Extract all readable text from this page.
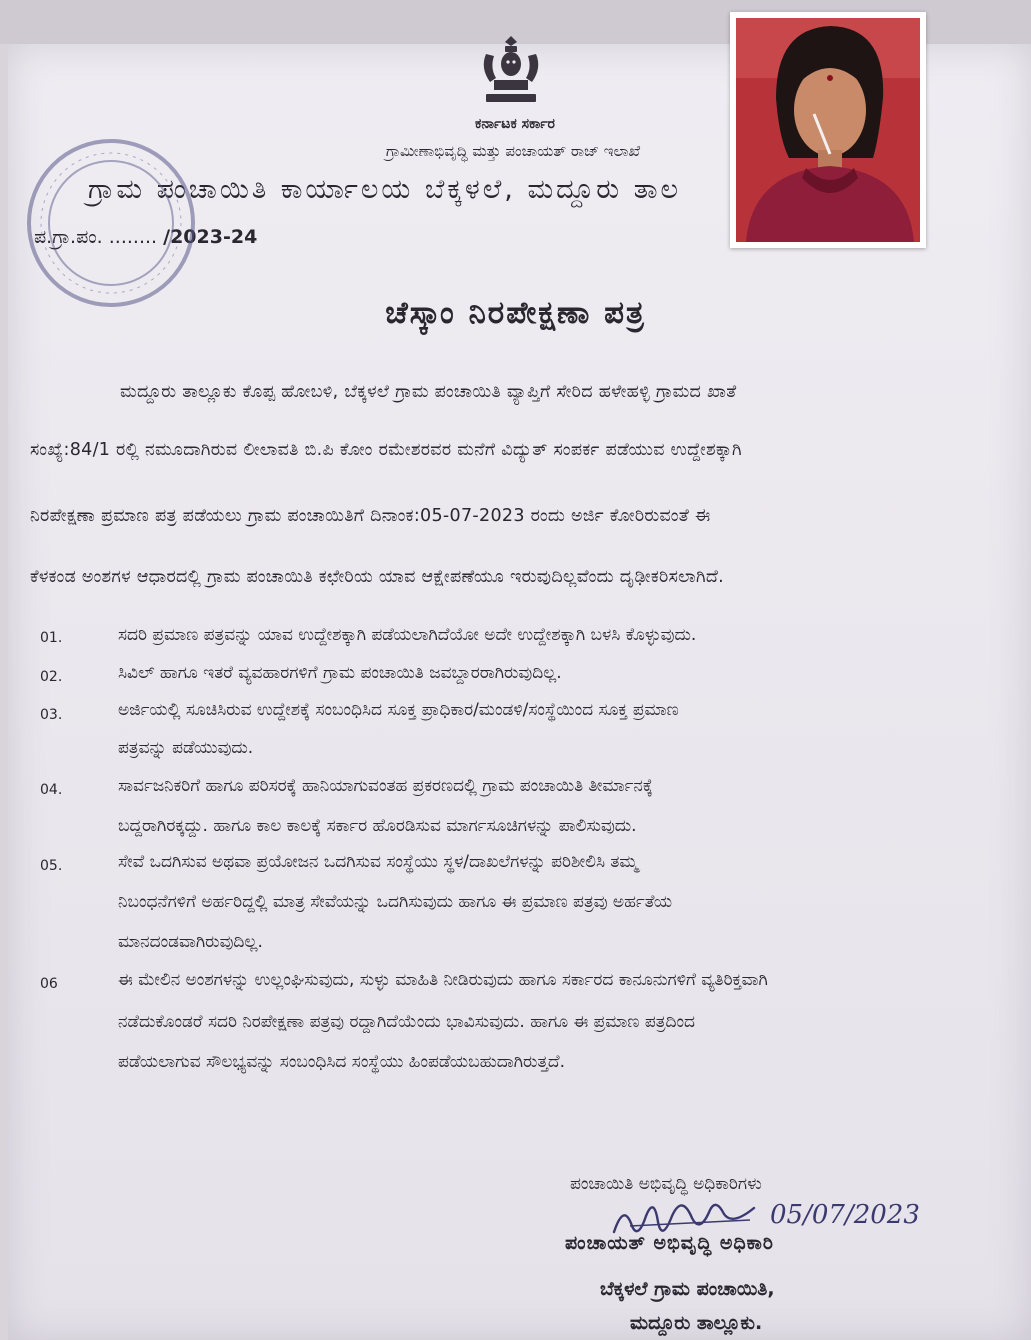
ಕರ್ನಾಟಕ ಸರ್ಕಾರ
ಗ್ರಾಮೀಣಾಭಿವೃದ್ಧಿ ಮತ್ತು ಪಂಚಾಯತ್ ರಾಜ್ ಇಲಾಖೆ
ಗ್ರಾಮ ಪಂಚಾಯಿತಿ ಕಾರ್ಯಾಲಯ ಬೆಕ್ಕಳಲೆ, ಮದ್ದೂರು ತಾಲ
ಪ.ಗ್ರಾ.ಪಂ. ........ /2023-24
ಚೆಸ್ಕಾಂ ನಿರಪೇಕ್ಷಣಾ ಪತ್ರ
ಮದ್ದೂರು ತಾಲ್ಲೂಕು ಕೊಪ್ಪ ಹೋಬಳಿ, ಬೆಕ್ಕಳಲೆ ಗ್ರಾಮ ಪಂಚಾಯಿತಿ ವ್ಯಾಪ್ತಿಗೆ ಸೇರಿದ ಹಳೇಹಳ್ಳಿ ಗ್ರಾಮದ ಖಾತೆ
ಸಂಖ್ಯೆ:84/1 ರಲ್ಲಿ ನಮೂದಾಗಿರುವ ಲೀಲಾವತಿ ಬಿ.ಪಿ ಕೋಂ ರಮೇಶರವರ ಮನೆಗೆ ವಿದ್ಯುತ್ ಸಂಪರ್ಕ ಪಡೆಯುವ ಉದ್ದೇಶಕ್ಕಾಗಿ
ನಿರಪೇಕ್ಷಣಾ ಪ್ರಮಾಣ ಪತ್ರ ಪಡೆಯಲು ಗ್ರಾಮ ಪಂಚಾಯಿತಿಗೆ ದಿನಾಂಕ:05-07-2023 ರಂದು ಅರ್ಜಿ ಕೋರಿರುವಂತೆ ಈ
ಕೆಳಕಂಡ ಅಂಶಗಳ ಆಧಾರದಲ್ಲಿ ಗ್ರಾಮ ಪಂಚಾಯಿತಿ ಕಛೇರಿಯ ಯಾವ ಆಕ್ಷೇಪಣೆಯೂ ಇರುವುದಿಲ್ಲವೆಂದು ದೃಢೀಕರಿಸಲಾಗಿದೆ.
01.	ಸದರಿ ಪ್ರಮಾಣ ಪತ್ರವನ್ನು ಯಾವ ಉದ್ದೇಶಕ್ಕಾಗಿ ಪಡೆಯಲಾಗಿದೆಯೋ ಅದೇ ಉದ್ದೇಶಕ್ಕಾಗಿ ಬಳಸಿ ಕೊಳ್ಳುವುದು.
02.	ಸಿವಿಲ್ ಹಾಗೂ ಇತರೆ ವ್ಯವಹಾರಗಳಿಗೆ ಗ್ರಾಮ ಪಂಚಾಯಿತಿ ಜವಬ್ದಾರರಾಗಿರುವುದಿಲ್ಲ.
03.	ಅರ್ಜಿಯಲ್ಲಿ ಸೂಚಿಸಿರುವ ಉದ್ದೇಶಕ್ಕೆ ಸಂಬಂಧಿಸಿದ ಸೂಕ್ತ ಪ್ರಾಧಿಕಾರ/ಮಂಡಳಿ/ಸಂಸ್ಥೆಯಿಂದ ಸೂಕ್ತ ಪ್ರಮಾಣ
ಪತ್ರವನ್ನು ಪಡೆಯುವುದು.
04.	ಸಾರ್ವಜನಿಕರಿಗೆ ಹಾಗೂ ಪರಿಸರಕ್ಕೆ ಹಾನಿಯಾಗುವಂತಹ ಪ್ರಕರಣದಲ್ಲಿ ಗ್ರಾಮ ಪಂಚಾಯಿತಿ ತೀರ್ಮಾನಕ್ಕೆ
ಬದ್ದರಾಗಿರಕ್ಕದ್ದು. ಹಾಗೂ ಕಾಲ ಕಾಲಕ್ಕೆ ಸರ್ಕಾರ ಹೊರಡಿಸುವ ಮಾರ್ಗಸೂಚಿಗಳನ್ನು ಪಾಲಿಸುವುದು.
05.	ಸೇವೆ ಒದಗಿಸುವ ಅಥವಾ ಪ್ರಯೋಜನ ಒದಗಿಸುವ ಸಂಸ್ಥೆಯು ಸ್ಥಳ/ದಾಖಲೆಗಳನ್ನು ಪರಿಶೀಲಿಸಿ ತಮ್ಮ
ನಿಬಂಧನೆಗಳಿಗೆ ಅರ್ಹರಿದ್ದಲ್ಲಿ ಮಾತ್ರ ಸೇವೆಯನ್ನು ಒದಗಿಸುವುದು ಹಾಗೂ ಈ ಪ್ರಮಾಣ ಪತ್ರವು ಅರ್ಹತೆಯ
ಮಾನದಂಡವಾಗಿರುವುದಿಲ್ಲ.
06	ಈ ಮೇಲಿನ ಅಂಶಗಳನ್ನು ಉಲ್ಲಂಘಿಸುವುದು, ಸುಳ್ಳು ಮಾಹಿತಿ ನೀಡಿರುವುದು ಹಾಗೂ ಸರ್ಕಾರದ ಕಾನೂನುಗಳಿಗೆ ವ್ಯತಿರಿಕ್ತವಾಗಿ
ನಡೆದುಕೊಂಡರೆ ಸದರಿ ನಿರಪೇಕ್ಷಣಾ ಪತ್ರವು ರದ್ದಾಗಿದೆಯೆಂದು ಭಾವಿಸುವುದು. ಹಾಗೂ ಈ ಪ್ರಮಾಣ ಪತ್ರದಿಂದ
ಪಡೆಯಲಾಗುವ ಸೌಲಭ್ಯವನ್ನು ಸಂಬಂಧಿಸಿದ ಸಂಸ್ಥೆಯು ಹಿಂಪಡೆಯಬಹುದಾಗಿರುತ್ತದೆ.
ಪಂಚಾಯಿತಿ ಅಭಿವೃದ್ಧಿ ಅಧಿಕಾರಿಗಳು
05/07/2023
ಪಂಚಾಯತ್ ಅಭಿವೃದ್ಧಿ ಅಧಿಕಾರಿ
ಬೆಕ್ಕಳಲೆ ಗ್ರಾಮ ಪಂಚಾಯಿತಿ,
ಮದ್ದೂರು ತಾಲ್ಲೂಕು.
